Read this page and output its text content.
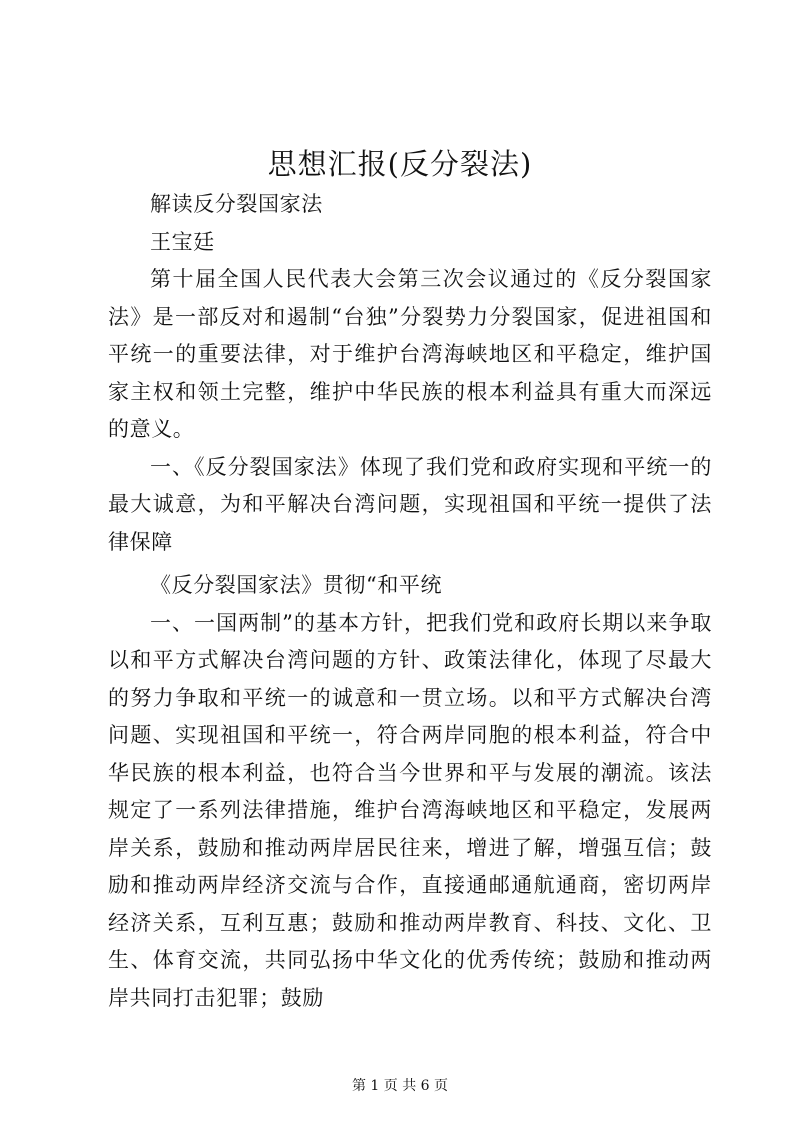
思想汇报(反分裂法)

解读反分裂国家法

王宝廷

第十届全国人民代表大会第三次会议通过的《反分裂国家法》是一部反对和遏制“台独”分裂势力分裂国家，促进祖国和平统一的重要法律，对于维护台湾海峡地区和平稳定，维护国家主权和领土完整，维护中华民族的根本利益具有重大而深远的意义。

一、《反分裂国家法》体现了我们党和政府实现和平统一的最大诚意，为和平解决台湾问题，实现祖国和平统一提供了法律保障

《反分裂国家法》贯彻“和平统

一、一国两制”的基本方针，把我们党和政府长期以来争取以和平方式解决台湾问题的方针、政策法律化，体现了尽最大的努力争取和平统一的诚意和一贯立场。以和平方式解决台湾问题、实现祖国和平统一，符合两岸同胞的根本利益，符合中华民族的根本利益，也符合当今世界和平与发展的潮流。该法规定了一系列法律措施，维护台湾海峡地区和平稳定，发展两岸关系，鼓励和推动两岸居民往来，增进了解，增强互信；鼓励和推动两岸经济交流与合作，直接通邮通航通商，密切两岸经济关系，互利互惠；鼓励和推动两岸教育、科技、文化、卫生、体育交流，共同弘扬中华文化的优秀传统；鼓励和推动两岸共同打击犯罪；鼓励

第 1 页 共 6 页
